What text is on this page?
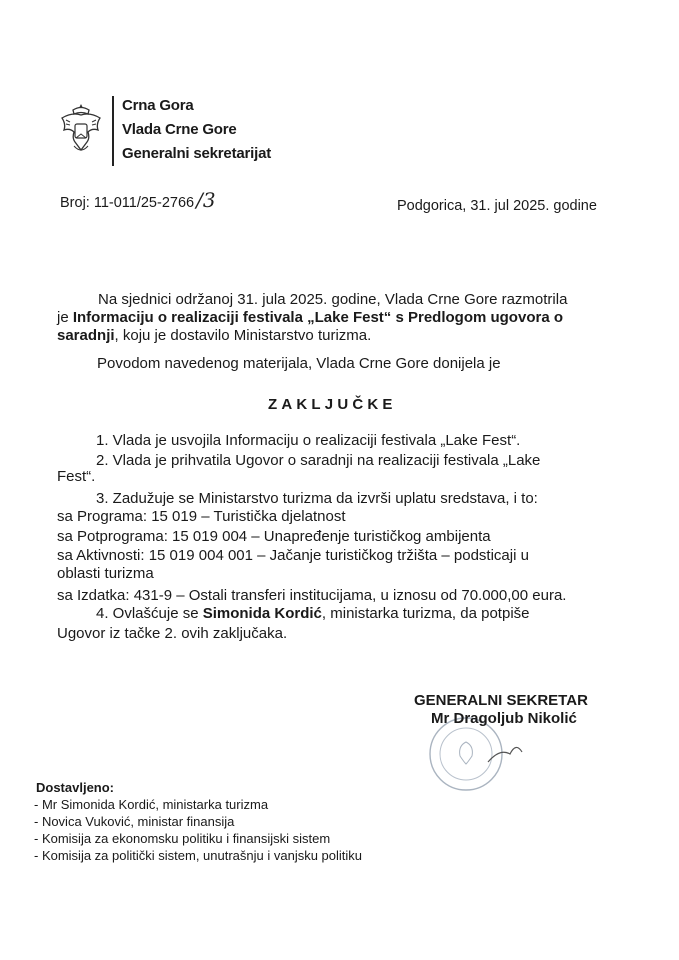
Crna Gora
Vlada Crne Gore
Generalni sekretarijat
Broj: 11-011/25-2766 /3	Podgorica, 31. jul 2025. godine
Na sjednici održanoj 31. jula 2025. godine, Vlada Crne Gore razmotrila
je Informaciju o realizaciji festivala „Lake Fest“ s Predlogom ugovora o
saradnji, koju je dostavilo Ministarstvo turizma.
Povodom navedenog materijala, Vlada Crne Gore donijela je
ZAKLJUČKE
1. Vlada je usvojila Informaciju o realizaciji festivala „Lake Fest“.
2. Vlada je prihvatila Ugovor o saradnji na realizaciji festivala „Lake
Fest“.
3. Zadužuje se Ministarstvo turizma da izvrši uplatu sredstava, i to:
sa Programa: 15 019 – Turistička djelatnost
sa Potprograma: 15 019 004 – Unapređenje turističkog ambijenta
sa Aktivnosti: 15 019 004 001 – Jačanje turističkog tržišta – podsticaji u
oblasti turizma
sa Izdatka: 431-9 – Ostali transferi institucijama, u iznosu od 70.000,00 eura.
4. Ovlašćuje se Simonida Kordić, ministarka turizma, da potpiše
Ugovor iz tačke 2. ovih zaključaka.
GENERALNI SEKRETAR
Mr Dragoljub Nikolić
Dostavljeno:
- Mr Simonida Kordić, ministarka turizma
- Novica Vuković, ministar finansija
- Komisija za ekonomsku politiku i finansijski sistem
- Komisija za politički sistem, unutrašnju i vanjsku politiku
